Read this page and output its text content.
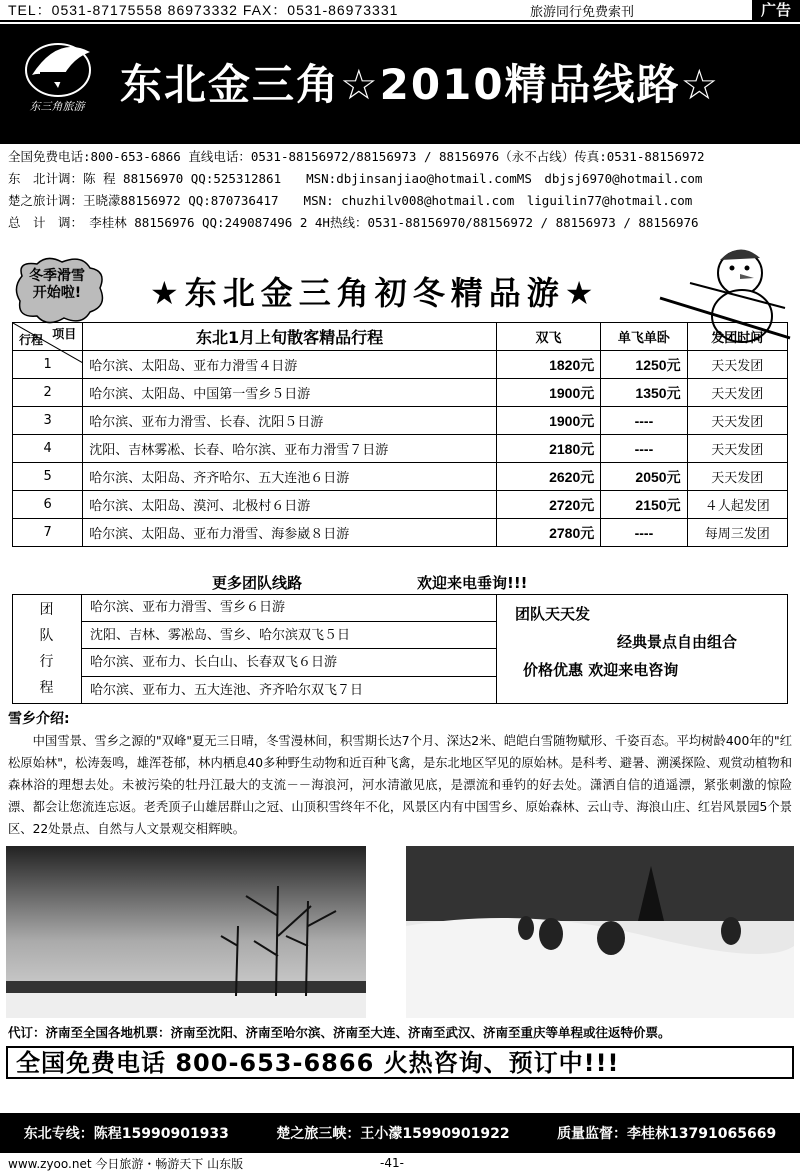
TEL：0531-87175558 86973332 FAX：0531-86973331	旅游同行免费索刊	广告
东三角旅游 东北金三角☆2010精品线路☆
全国免费电话:800-653-6866 直线电话：0531-88156972/88156973 / 88156976（永不占线）传真:0531-88156972
东　北计调：陈 程 88156970 QQ:525312861　　MSN:dbjinsanjiao@hotmail.comMS　dbjsj6970@hotmail.com
楚之旅计调：王晓濛88156972 QQ:870736417　　MSN: chuzhilv008@hotmail.com　liguilin77@hotmail.com
总　计　调：　李桂林 88156976 QQ:249087496 2 4H热线：0531-88156970/88156972 / 88156973 / 88156976
冬季滑雪
开始啦!	★东北金三角初冬精品游★
项目
行程	东北1月上旬散客精品行程	双飞	单飞单卧	发团时间
1	哈尔滨、太阳岛、亚布力滑雪４日游	1820元	1250元	天天发团
2	哈尔滨、太阳岛、中国第一雪乡５日游	1900元	1350元	天天发团
3	哈尔滨、亚布力滑雪、长春、沈阳５日游	1900元	----	天天发团
4	沈阳、吉林雾凇、长春、哈尔滨、亚布力滑雪７日游	2180元	----	天天发团
5	哈尔滨、太阳岛、齐齐哈尔、五大连池６日游	2620元	2050元	天天发团
6	哈尔滨、太阳岛、漠河、北极村６日游	2720元	2150元	４人起发团
7	哈尔滨、太阳岛、亚布力滑雪、海参崴８日游	2780元	----	每周三发团
更多团队线路	欢迎来电垂询!!!
团
队
行
程
哈尔滨、亚布力滑雪、雪乡６日游
沈阳、吉林、雾凇岛、雪乡、哈尔滨双飞５日
哈尔滨、亚布力、长白山、长春双飞６日游
哈尔滨、亚布力、五大连池、齐齐哈尔双飞７日
团队天天发
经典景点自由组合
价格优惠 欢迎来电咨询
雪乡介绍:
　　中国雪景、雪乡之源的"双峰"夏无三日晴，冬雪漫林间，积雪期长达7个月、深达2米、皑皑白雪随物赋形、千姿百态。平均树龄400年的"红松原始林"，松涛轰鸣，雄浑苍郁，林内栖息40多种野生动物和近百种飞禽，是东北地区罕见的原始林。是科考、避暑、溯溪探险、观赏动植物和森林浴的理想去处。未被污染的牡丹江最大的支流－－海浪河，河水清澈见底，是漂流和垂钓的好去处。潇洒自信的逍遥漂，紧张刺激的惊险漂、都会让您流连忘返。老秃顶子山雄居群山之冠、山顶积雪终年不化，风景区内有中国雪乡、原始森林、云山寺、海浪山庄、红岩风景园5个景区、22处景点、自然与人文景观交相辉映。
代订：济南至全国各地机票：济南至沈阳、济南至哈尔滨、济南至大连、济南至武汉、济南至重庆等单程或往返特价票。
全国免费电话 800-653-6866 火热咨询、预订中!!!
东北专线：陈程15990901933	楚之旅三峡：王小濛15990901922	质量监督：李桂林13791065669
www.zyoo.net 今日旅游・畅游天下 山东版	-41-
